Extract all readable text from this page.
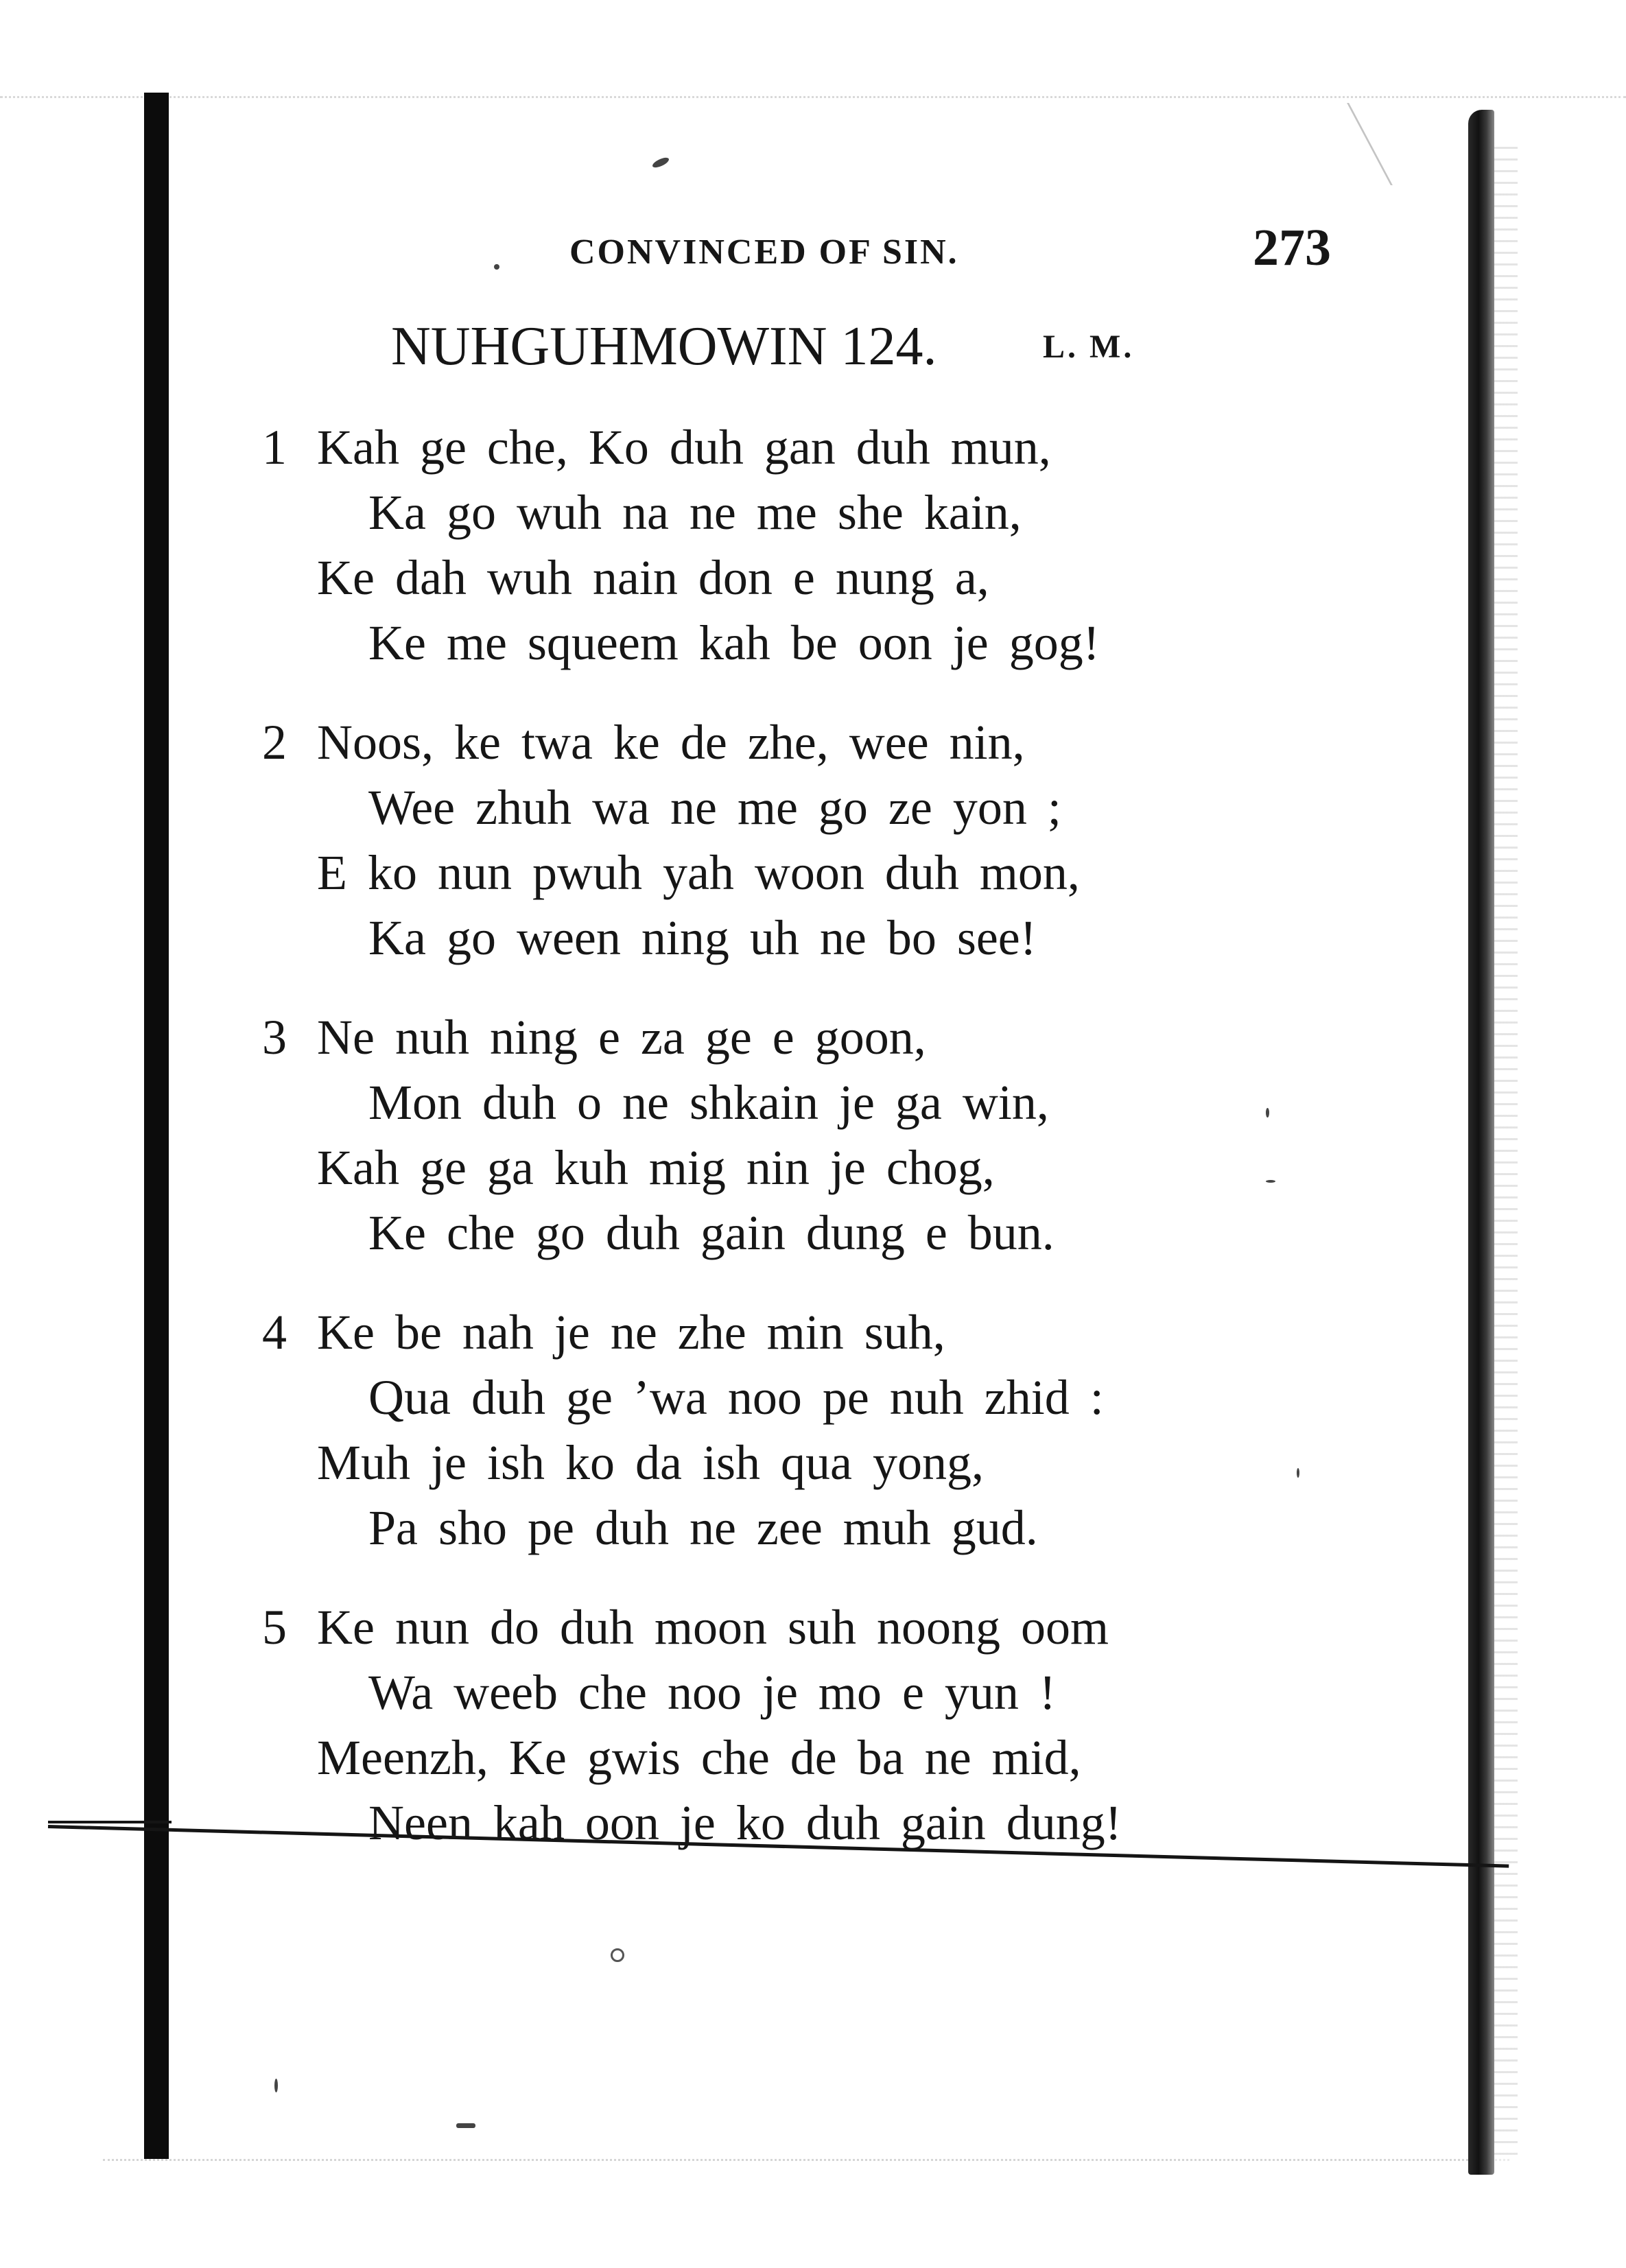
CONVINCED OF SIN.	273
NUHGUHMOWIN 124.	L. M.
1 Kah ge che, Ko duh gan duh mun,
Ka go wuh na ne me she kain,
Ke dah wuh nain don e nung a,
Ke me squeem kah be oon je gog!
2 Noos, ke twa ke de zhe, wee nin,
Wee zhuh wa ne me go ze yon ;
E ko nun pwuh yah woon duh mon,
Ka go ween ning uh ne bo see!
3 Ne nuh ning e za ge e goon,
Mon duh o ne shkain je ga win,
Kah ge ga kuh mig nin je chog,
Ke che go duh gain dung e bun.
4 Ke be nah je ne zhe min suh,
Qua duh ge ’wa noo pe nuh zhid :
Muh je ish ko da ish qua yong,
Pa sho pe duh ne zee muh gud.
5 Ke nun do duh moon suh noong oom
Wa weeb che noo je mo e yun !
Meenzh, Ke gwis che de ba ne mid,
Neen kah oon je ko duh gain dung!
